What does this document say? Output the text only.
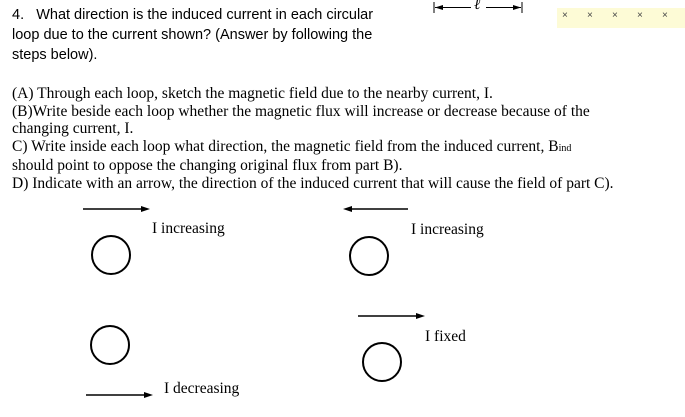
4. What direction is the induced current in each circular
loop due to the current shown? (Answer by following the
steps below).
ℓ
× × × × ×
(A) Through each loop, sketch the magnetic field due to the nearby current, I.
(B)Write beside each loop whether the magnetic flux will increase or decrease because of the
changing current, I.
C) Write inside each loop what direction, the magnetic field from the induced current, Bind
should point to oppose the changing original flux from part B).
D) Indicate with an arrow, the direction of the induced current that will cause the field of part C).
I increasing	I increasing
I fixed
I decreasing
